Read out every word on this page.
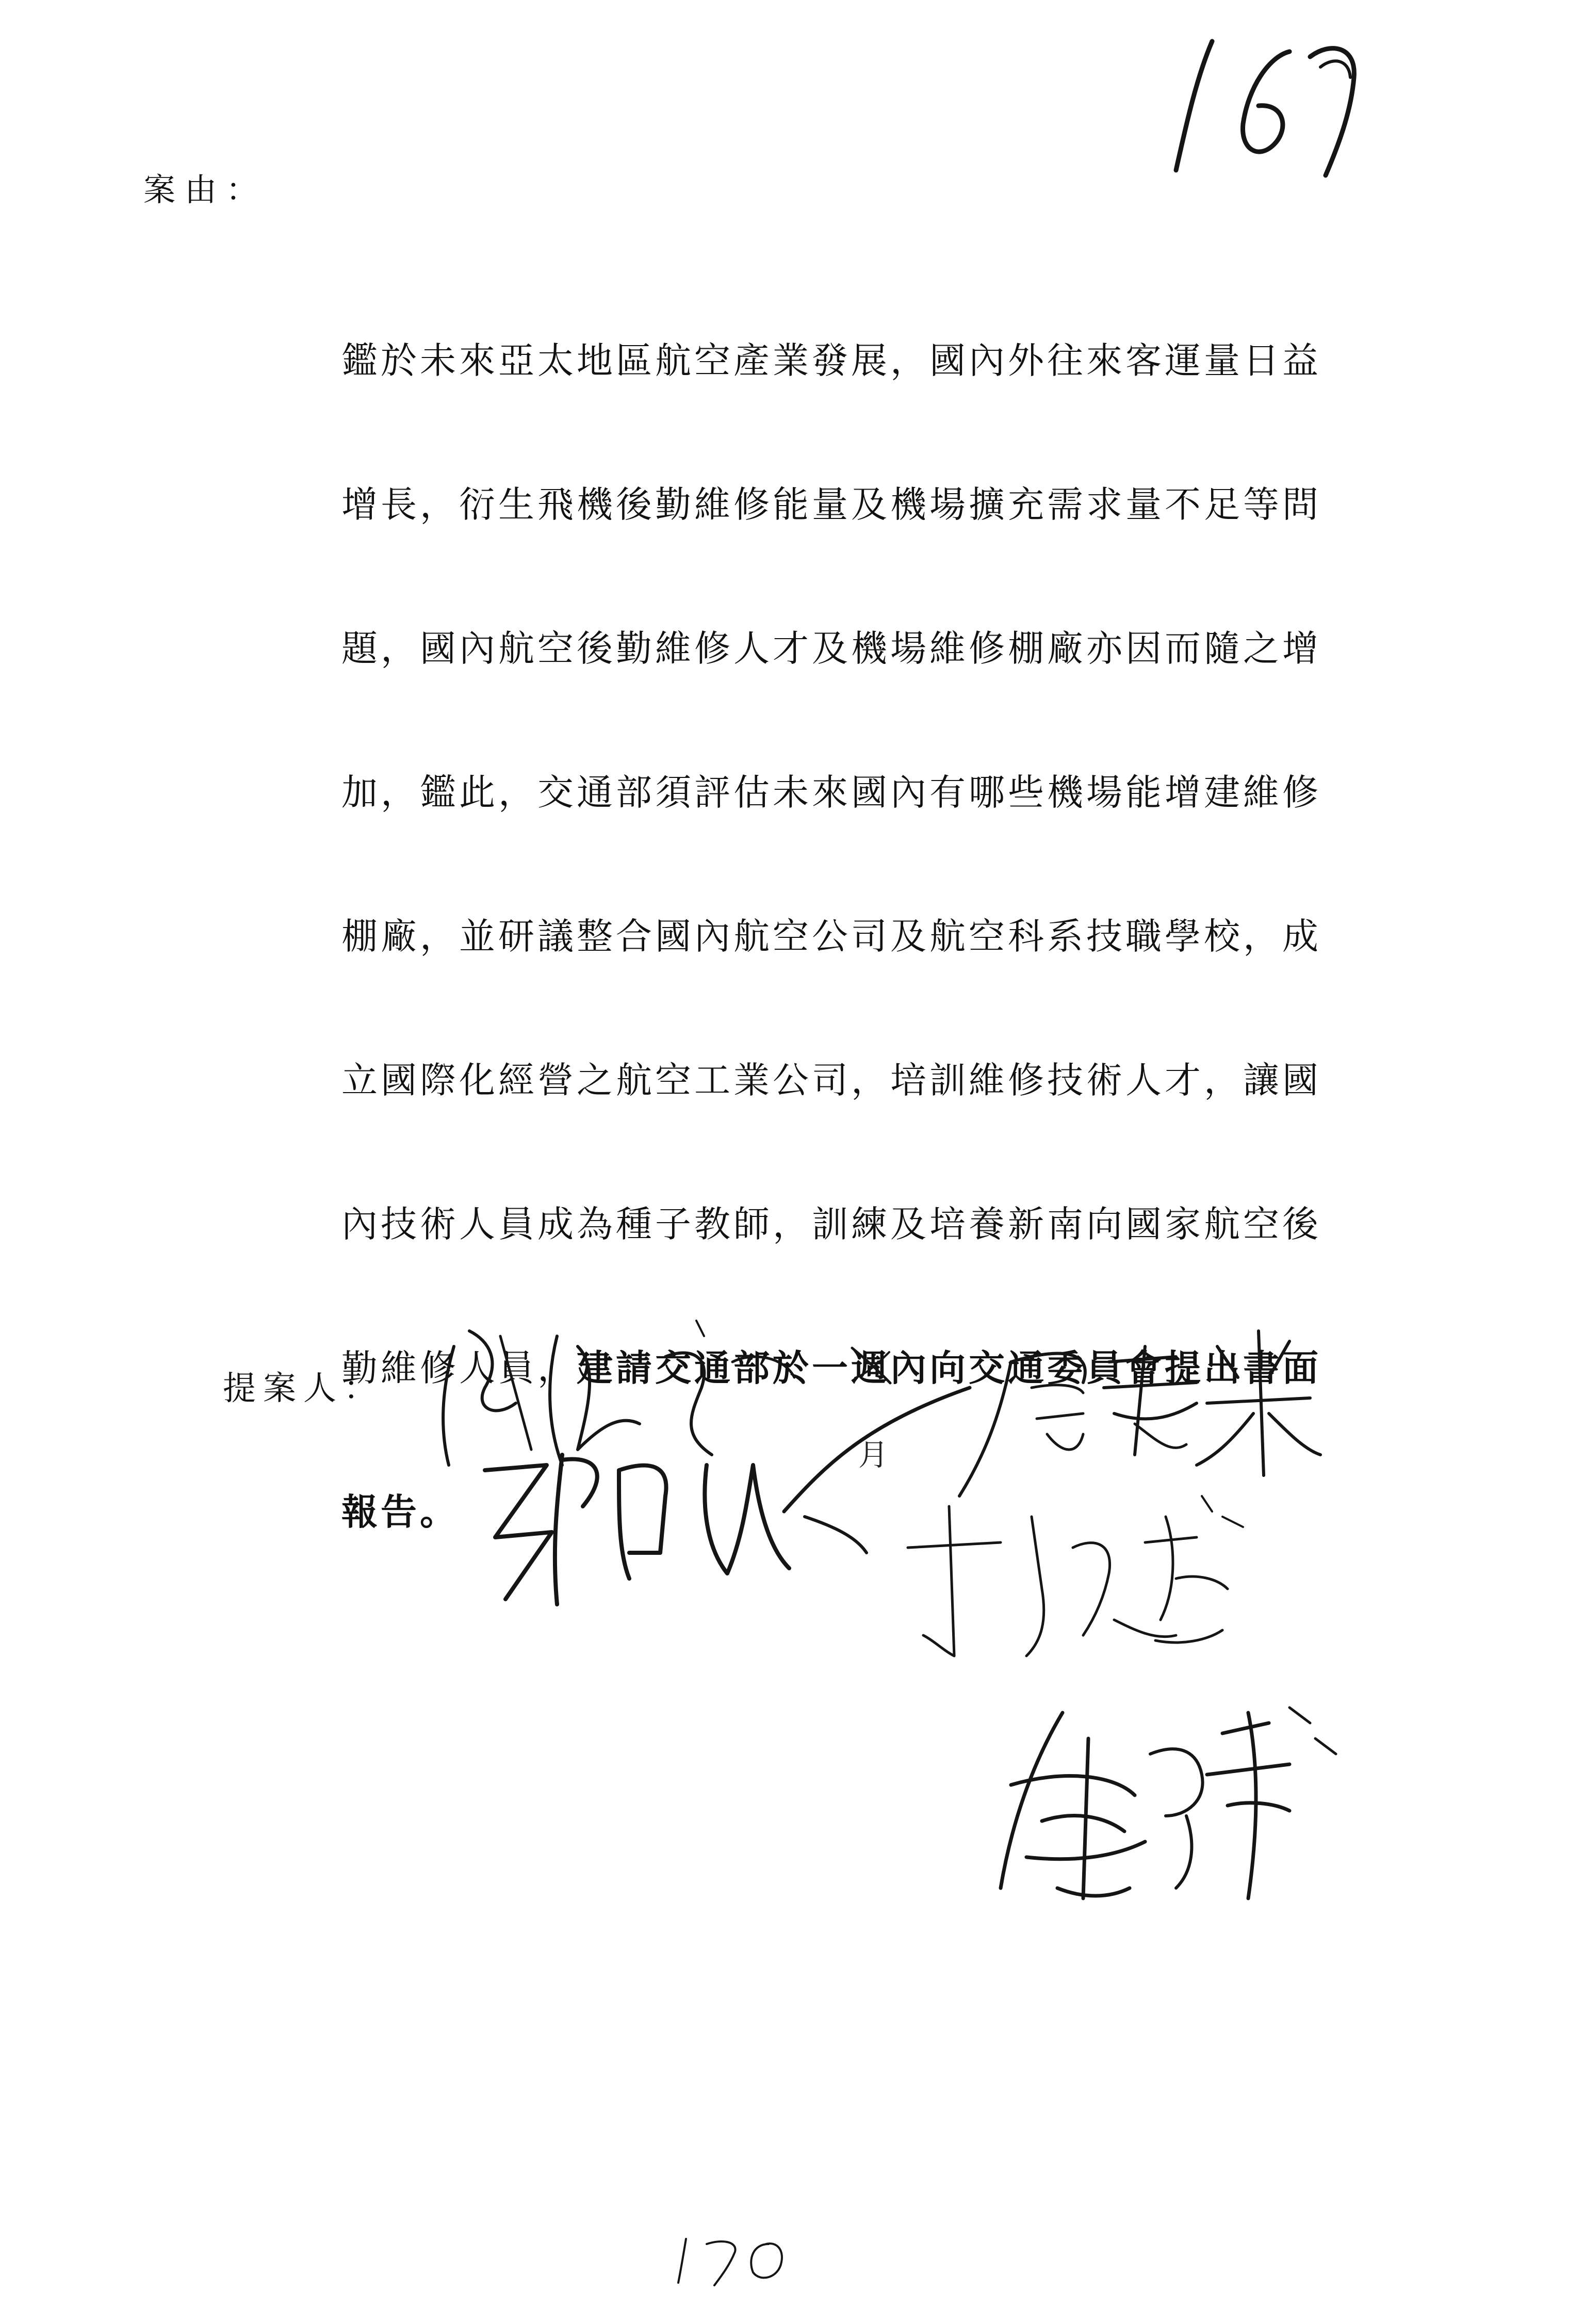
案由：
鑑於未來亞太地區航空產業發展，國內外往來客運量日益
增長，衍生飛機後勤維修能量及機場擴充需求量不足等問
題，國內航空後勤維修人才及機場維修棚廠亦因而隨之增
加，鑑此，交通部須評估未來國內有哪些機場能增建維修
棚廠，並研議整合國內航空公司及航空科系技職學校，成
立國際化經營之航空工業公司，培訓維修技術人才，讓國
內技術人員成為種子教師，訓練及培養新南向國家航空後
勤維修人員，建請交通部於一週
月
內向交通委員會提出書面
報告。
提案人：
